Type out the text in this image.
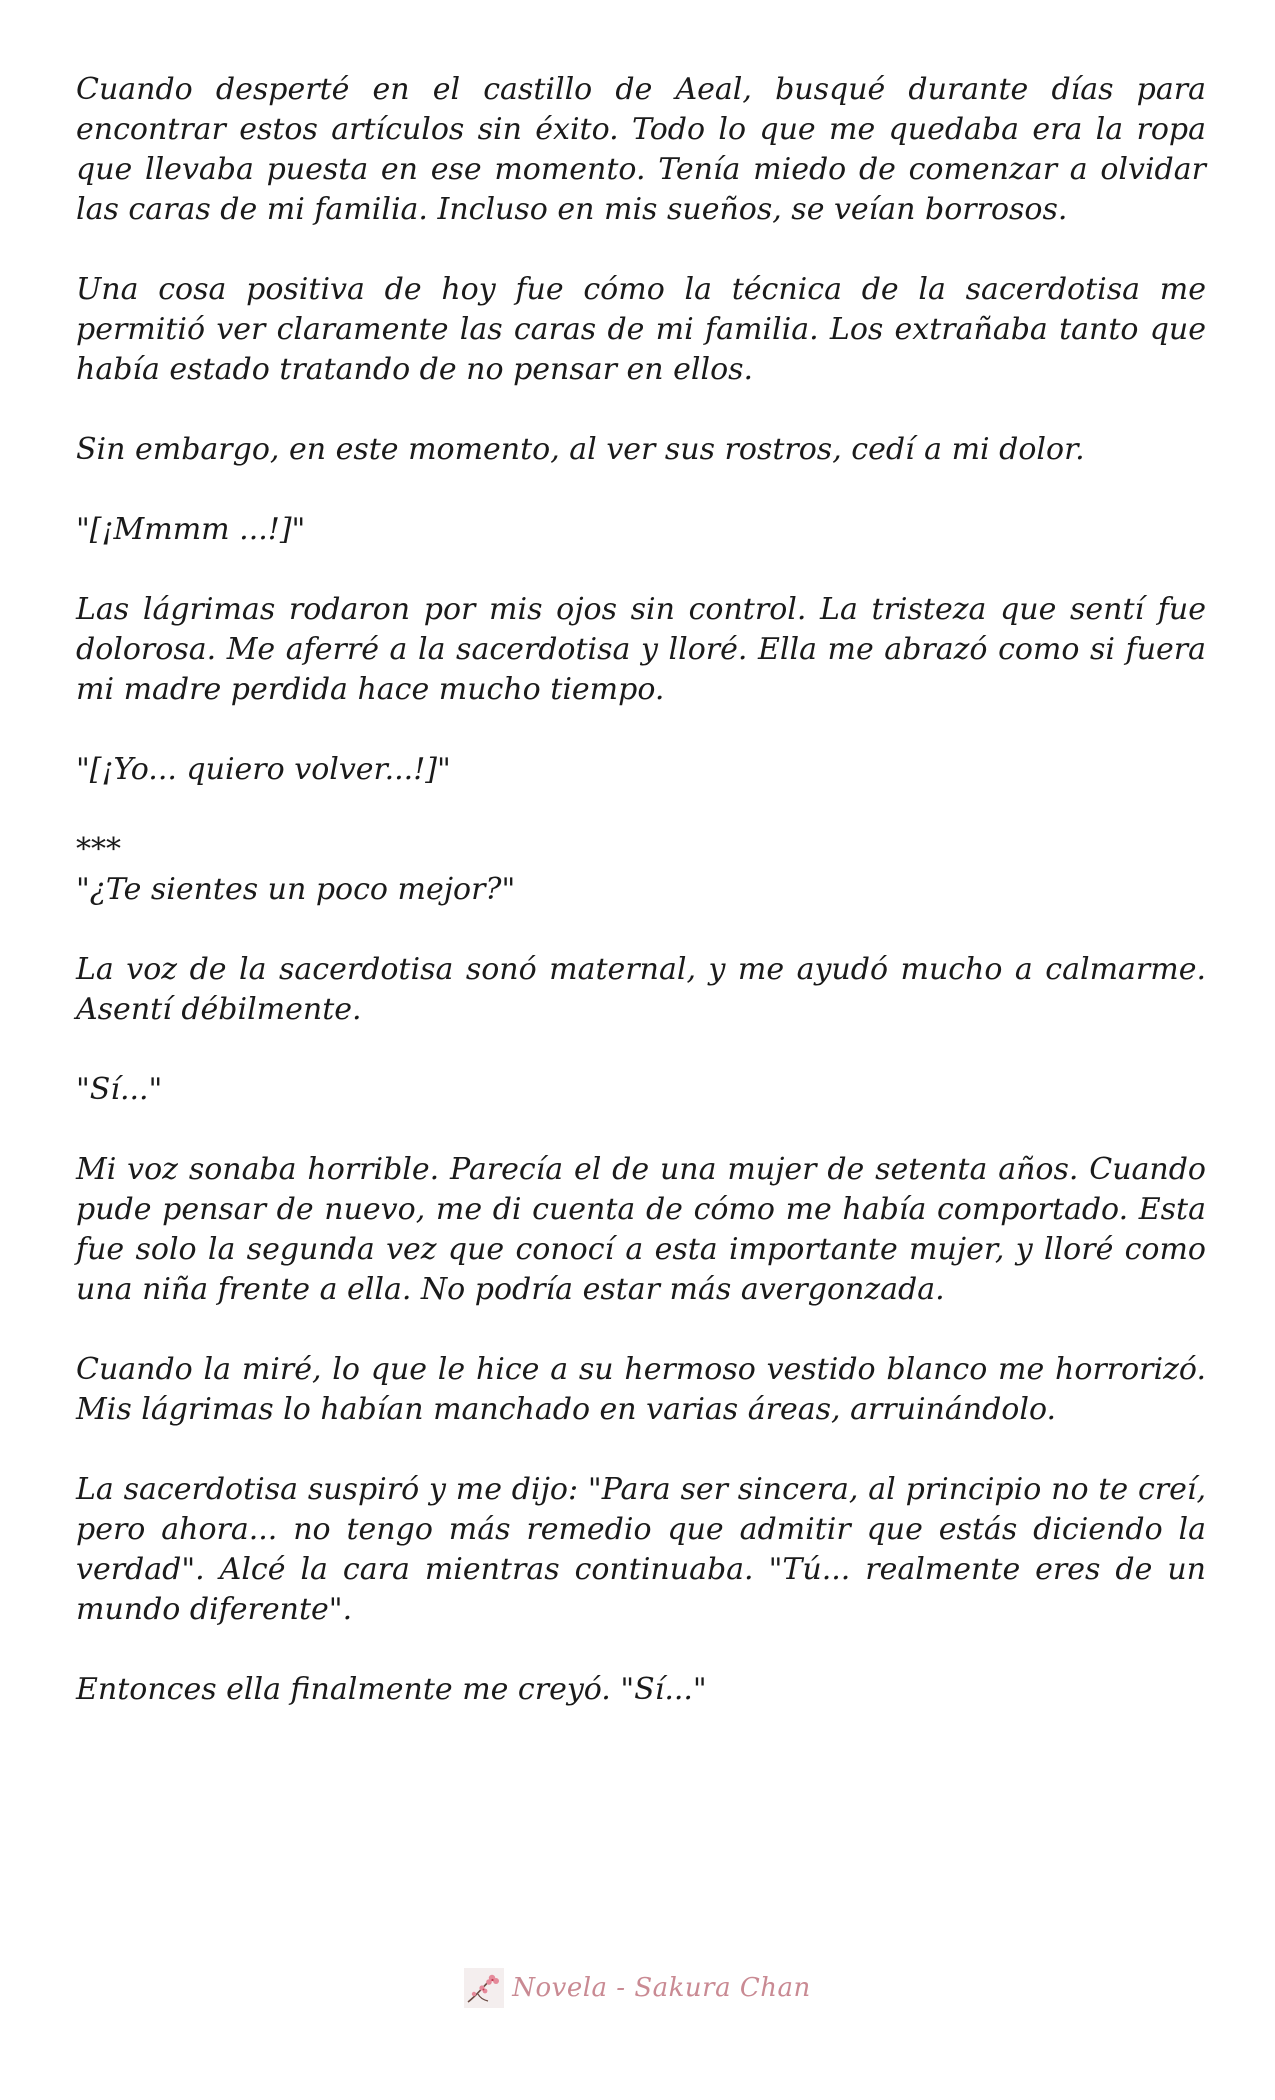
Cuando desperté en el castillo de Aeal, busqué durante días para encontrar estos artículos sin éxito. Todo lo que me quedaba era la ropa que llevaba puesta en ese momento. Tenía miedo de comenzar a olvidar las caras de mi familia. Incluso en mis sueños, se veían borrosos.

Una cosa positiva de hoy fue cómo la técnica de la sacerdotisa me permitió ver claramente las caras de mi familia. Los extrañaba tanto que había estado tratando de no pensar en ellos.

Sin embargo, en este momento, al ver sus rostros, cedí a mi dolor.

"[¡Mmmm ...!]"

Las lágrimas rodaron por mis ojos sin control. La tristeza que sentí fue dolorosa. Me aferré a la sacerdotisa y lloré. Ella me abrazó como si fuera mi madre perdida hace mucho tiempo.

"[¡Yo... quiero volver...!]"

***

"¿Te sientes un poco mejor?"

La voz de la sacerdotisa sonó maternal, y me ayudó mucho a calmarme. Asentí débilmente.

"Sí..."

Mi voz sonaba horrible. Parecía el de una mujer de setenta años. Cuando pude pensar de nuevo, me di cuenta de cómo me había comportado. Esta fue solo la segunda vez que conocí a esta importante mujer, y lloré como una niña frente a ella. No podría estar más avergonzada.

Cuando la miré, lo que le hice a su hermoso vestido blanco me horrorizó. Mis lágrimas lo habían manchado en varias áreas, arruinándolo.

La sacerdotisa suspiró y me dijo: "Para ser sincera, al principio no te creí, pero ahora... no tengo más remedio que admitir que estás diciendo la verdad". Alcé la cara mientras continuaba. "Tú... realmente eres de un mundo diferente".

Entonces ella finalmente me creyó. "Sí..."

Novela - Sakura Chan
